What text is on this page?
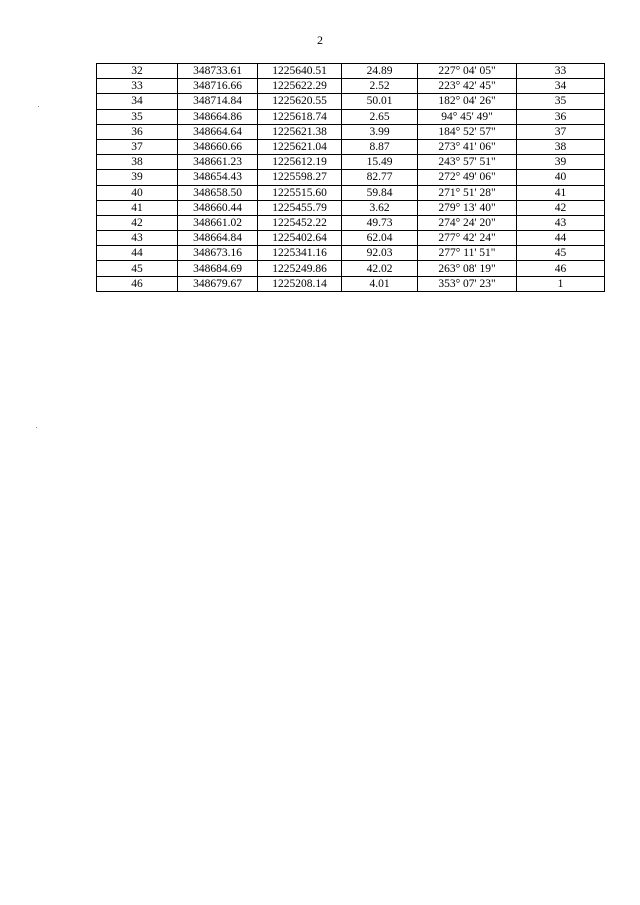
2
32	348733.61	1225640.51	24.89	227° 04' 05"	33
33	348716.66	1225622.29	2.52	223° 42' 45"	34
34	348714.84	1225620.55	50.01	182° 04' 26"	35
35	348664.86	1225618.74	2.65	94° 45' 49"	36
36	348664.64	1225621.38	3.99	184° 52' 57"	37
37	348660.66	1225621.04	8.87	273° 41' 06"	38
38	348661.23	1225612.19	15.49	243° 57' 51"	39
39	348654.43	1225598.27	82.77	272° 49' 06"	40
40	348658.50	1225515.60	59.84	271° 51' 28"	41
41	348660.44	1225455.79	3.62	279° 13' 40"	42
42	348661.02	1225452.22	49.73	274° 24' 20"	43
43	348664.84	1225402.64	62.04	277° 42' 24"	44
44	348673.16	1225341.16	92.03	277° 11' 51"	45
45	348684.69	1225249.86	42.02	263° 08' 19"	46
46	348679.67	1225208.14	4.01	353° 07' 23"	1
